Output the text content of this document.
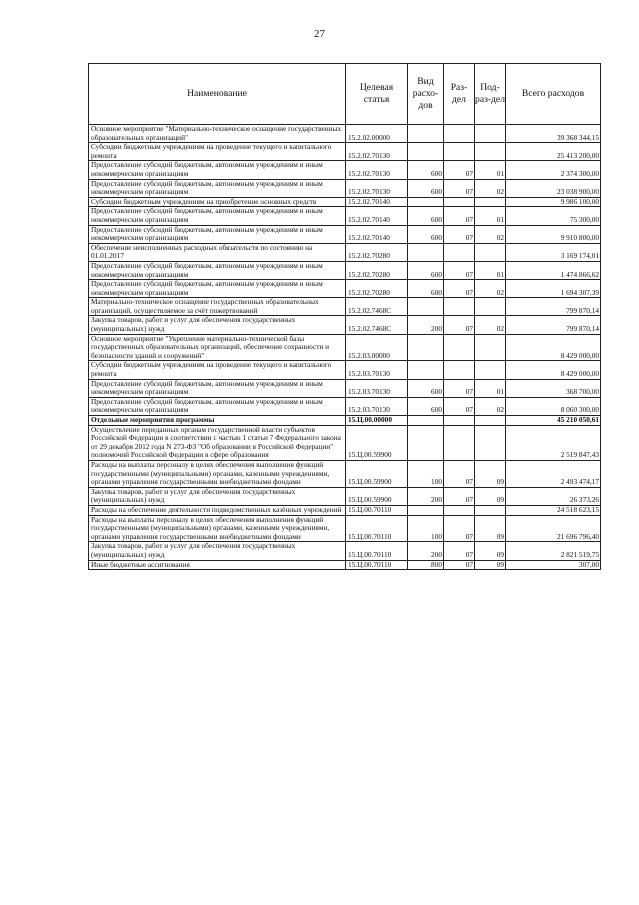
27
Наименование	Целевая статья	Вид расхо-дов	Раз-дел	Под-раз-дел	Всего расходов
Основное мероприятие "Материально-техническое оснащение государственных образовательных организаций"	15.2.02.00000				39 368 344,15
Субсидии бюджетным учреждениям на проведение текущего и капитального ремонта	15.2.02.70130				25 413 200,00
Предоставление субсидий бюджетным, автономным учреждениям и иным некоммерческим организациям	15.2.02.70130	600	07	01	2 374 300,00
Предоставление субсидий бюджетным, автономным учреждениям и иным некоммерческим организациям	15.2.02.70130	600	07	02	23 038 900,00
Субсидии бюджетным учреждениям на приобретение основных средств	15.2.02.70140				9 986 100,00
Предоставление субсидий бюджетным, автономным учреждениям и иным некоммерческим организациям	15.2.02.70140	600	07	01	75 300,00
Предоставление субсидий бюджетным, автономным учреждениям и иным некоммерческим организациям	15.2.02.70140	600	07	02	9 910 800,00
Обеспечение неисполненных расходных обязательств по состоянию на 01.01.2017	15.2.02.70280				3 169 174,01
Предоставление субсидий бюджетным, автономным учреждениям и иным некоммерческим организациям	15.2.02.70280	600	07	01	1 474 866,62
Предоставление субсидий бюджетным, автономным учреждениям и иным некоммерческим организациям	15.2.02.70280	600	07	02	1 694 307,39
Материально-техническое оснащение государственных образовательных организаций, осуществляемое за счёт пожертвований	15.2.02.7468С				799 870,14
Закупка товаров, работ и услуг для обеспечения государственных (муниципальных) нужд	15.2.02.7468С	200	07	02	799 870,14
Основное мероприятие "Укрепление материально-технической базы государственных образовательных организаций, обеспечение сохранности и безопасности зданий и сооружений"	15.2.03.00000				8 429 000,00
Субсидии бюджетным учреждениям на проведение текущего и капитального ремонта	15.2.03.70130				8 429 000,00
Предоставление субсидий бюджетным, автономным учреждениям и иным некоммерческим организациям	15.2.03.70130	600	07	01	368 700,00
Предоставление субсидий бюджетным, автономным учреждениям и иным некоммерческим организациям	15.2.03.70130	600	07	02	8 060 300,00
Отдельные мероприятия программы	15.Ц.00.00000				45 210 050,61
Осуществление переданных органам государственной власти субъектов Российской Федерации в соответствии с частью 1 статьи 7 Федерального закона от 29 декабря 2012 года N 273-ФЗ "Об образовании в Российской Федерации" полномочий Российской Федерации в сфере образования	15.Ц.00.59900				2 519 847,43
Расходы на выплаты персоналу в целях обеспечения выполнения функций государственными (муниципальными) органами, казенными учреждениями, органами управления государственными внебюджетными фондами	15.Ц.00.59900	100	07	09	2 493 474,17
Закупка товаров, работ и услуг для обеспечения государственных (муниципальных) нужд	15.Ц.00.59900	200	07	09	26 373,26
Расходы на обеспечение деятельности подведомственных казённых учреждений	15.Ц.00.70110				24 518 623,15
Расходы на выплаты персоналу в целях обеспечения выполнения функций государственными (муниципальными) органами, казенными учреждениями, органами управления государственными внебюджетными фондами	15.Ц.00.70110	100	07	09	21 696 796,40
Закупка товаров, работ и услуг для обеспечения государственных (муниципальных) нужд	15.Ц.00.70110	200	07	09	2 821 519,75
Иные бюджетные ассигнования	15.Ц.00.70110	800	07	09	307,00
